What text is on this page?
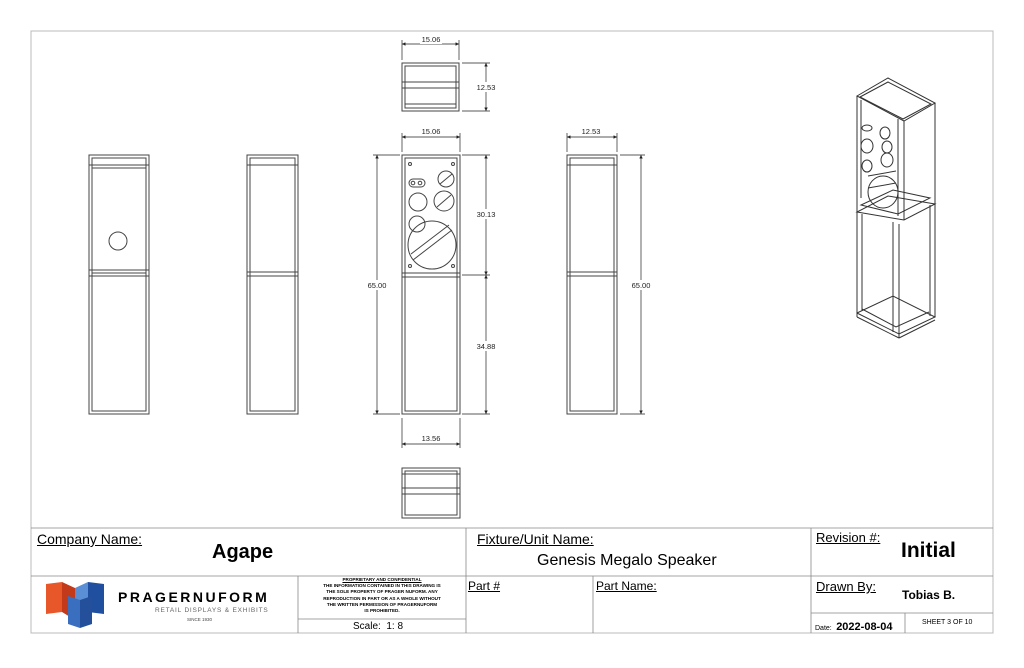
15.06
12.53
15.06	12.53
30.13
34.88
65.00	65.00
13.56
Company Name:
Agape
Fixture/Unit Name:
Genesis Megalo Speaker
Revision #:
Initial
PRAGERNUFORM
RETAIL DISPLAYS & EXHIBITS
SINCE 1930
PROPRIETARY AND CONFIDENTIAL
THE INFORMATION CONTAINED IN THIS DRAWING IS
THE SOLE PROPERTY OF PRAGER NUFORM. ANY
REPRODUCTION IN PART OR AS A WHOLE WITHOUT
THE WRITTEN PERMISSION OF PRAGERNUFORM
IS PROHIBITED.
Scale: 1: 8
Part #	Part Name:	Drawn By:
Tobias B.
Date: 2022-08-04	SHEET 3 OF 10
